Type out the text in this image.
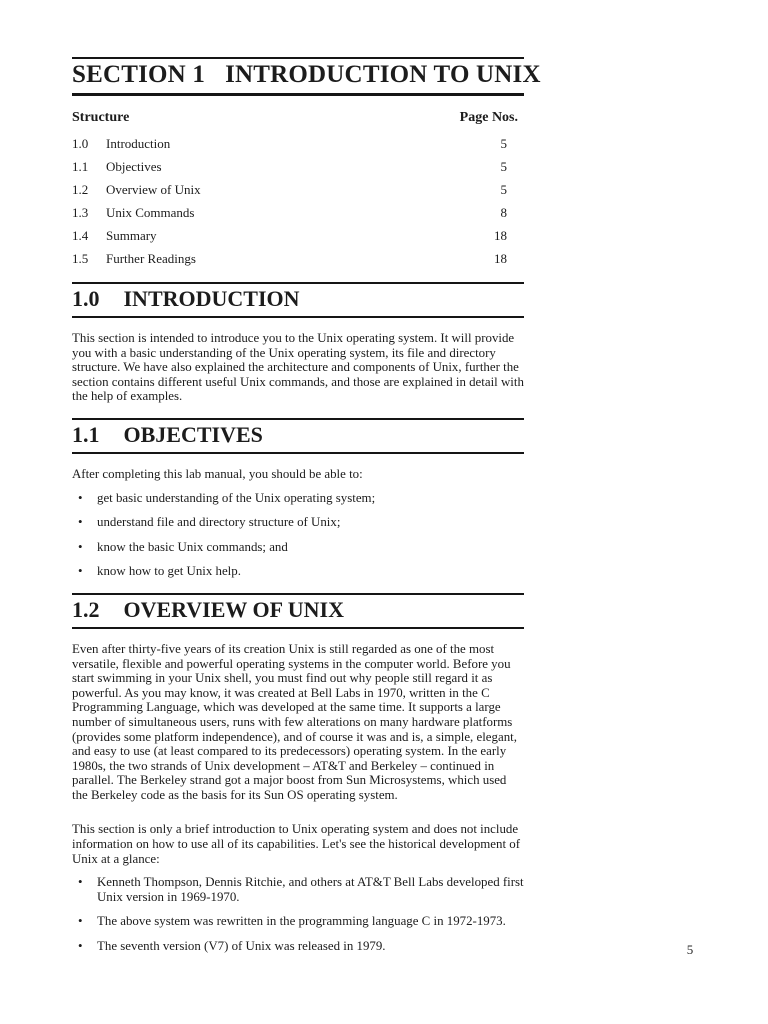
SECTION 1 INTRODUCTION TO UNIX
Structure	Page Nos.
1.0	Introduction	5
1.1	Objectives	5
1.2	Overview of Unix	5
1.3	Unix Commands	8
1.4	Summary	18
1.5	Further Readings	18
1.0 INTRODUCTION

This section is intended to introduce you to the Unix operating system. It will provide you with a basic understanding of the Unix operating system, its file and directory structure. We have also explained the architecture and components of Unix, further the section contains different useful Unix commands, and those are explained in detail with the help of examples.

1.1 OBJECTIVES

After completing this lab manual, you should be able to:

•	get basic understanding of the Unix operating system;
•	understand file and directory structure of Unix;
•	know the basic Unix commands; and
•	know how to get Unix help.
1.2 OVERVIEW OF UNIX

Even after thirty-five years of its creation Unix is still regarded as one of the most versatile, flexible and powerful operating systems in the computer world. Before you start swimming in your Unix shell, you must find out why people still regard it as powerful. As you may know, it was created at Bell Labs in 1970, written in the C Programming Language, which was developed at the same time. It supports a large number of simultaneous users, runs with few alterations on many hardware platforms (provides some platform independence), and of course it was and is, a simple, elegant, and easy to use (at least compared to its predecessors) operating system. In the early 1980s, the two strands of Unix development – AT&T and Berkeley – continued in parallel. The Berkeley strand got a major boost from Sun Microsystems, which used the Berkeley code as the basis for its Sun OS operating system.

This section is only a brief introduction to Unix operating system and does not include information on how to use all of its capabilities. Let's see the historical development of Unix at a glance:

•	Kenneth Thompson, Dennis Ritchie, and others at AT&T Bell Labs developed first Unix version in 1969-1970.
•	The above system was rewritten in the programming language C in 1972-1973.
•	The seventh version (V7) of Unix was released in 1979.	5
